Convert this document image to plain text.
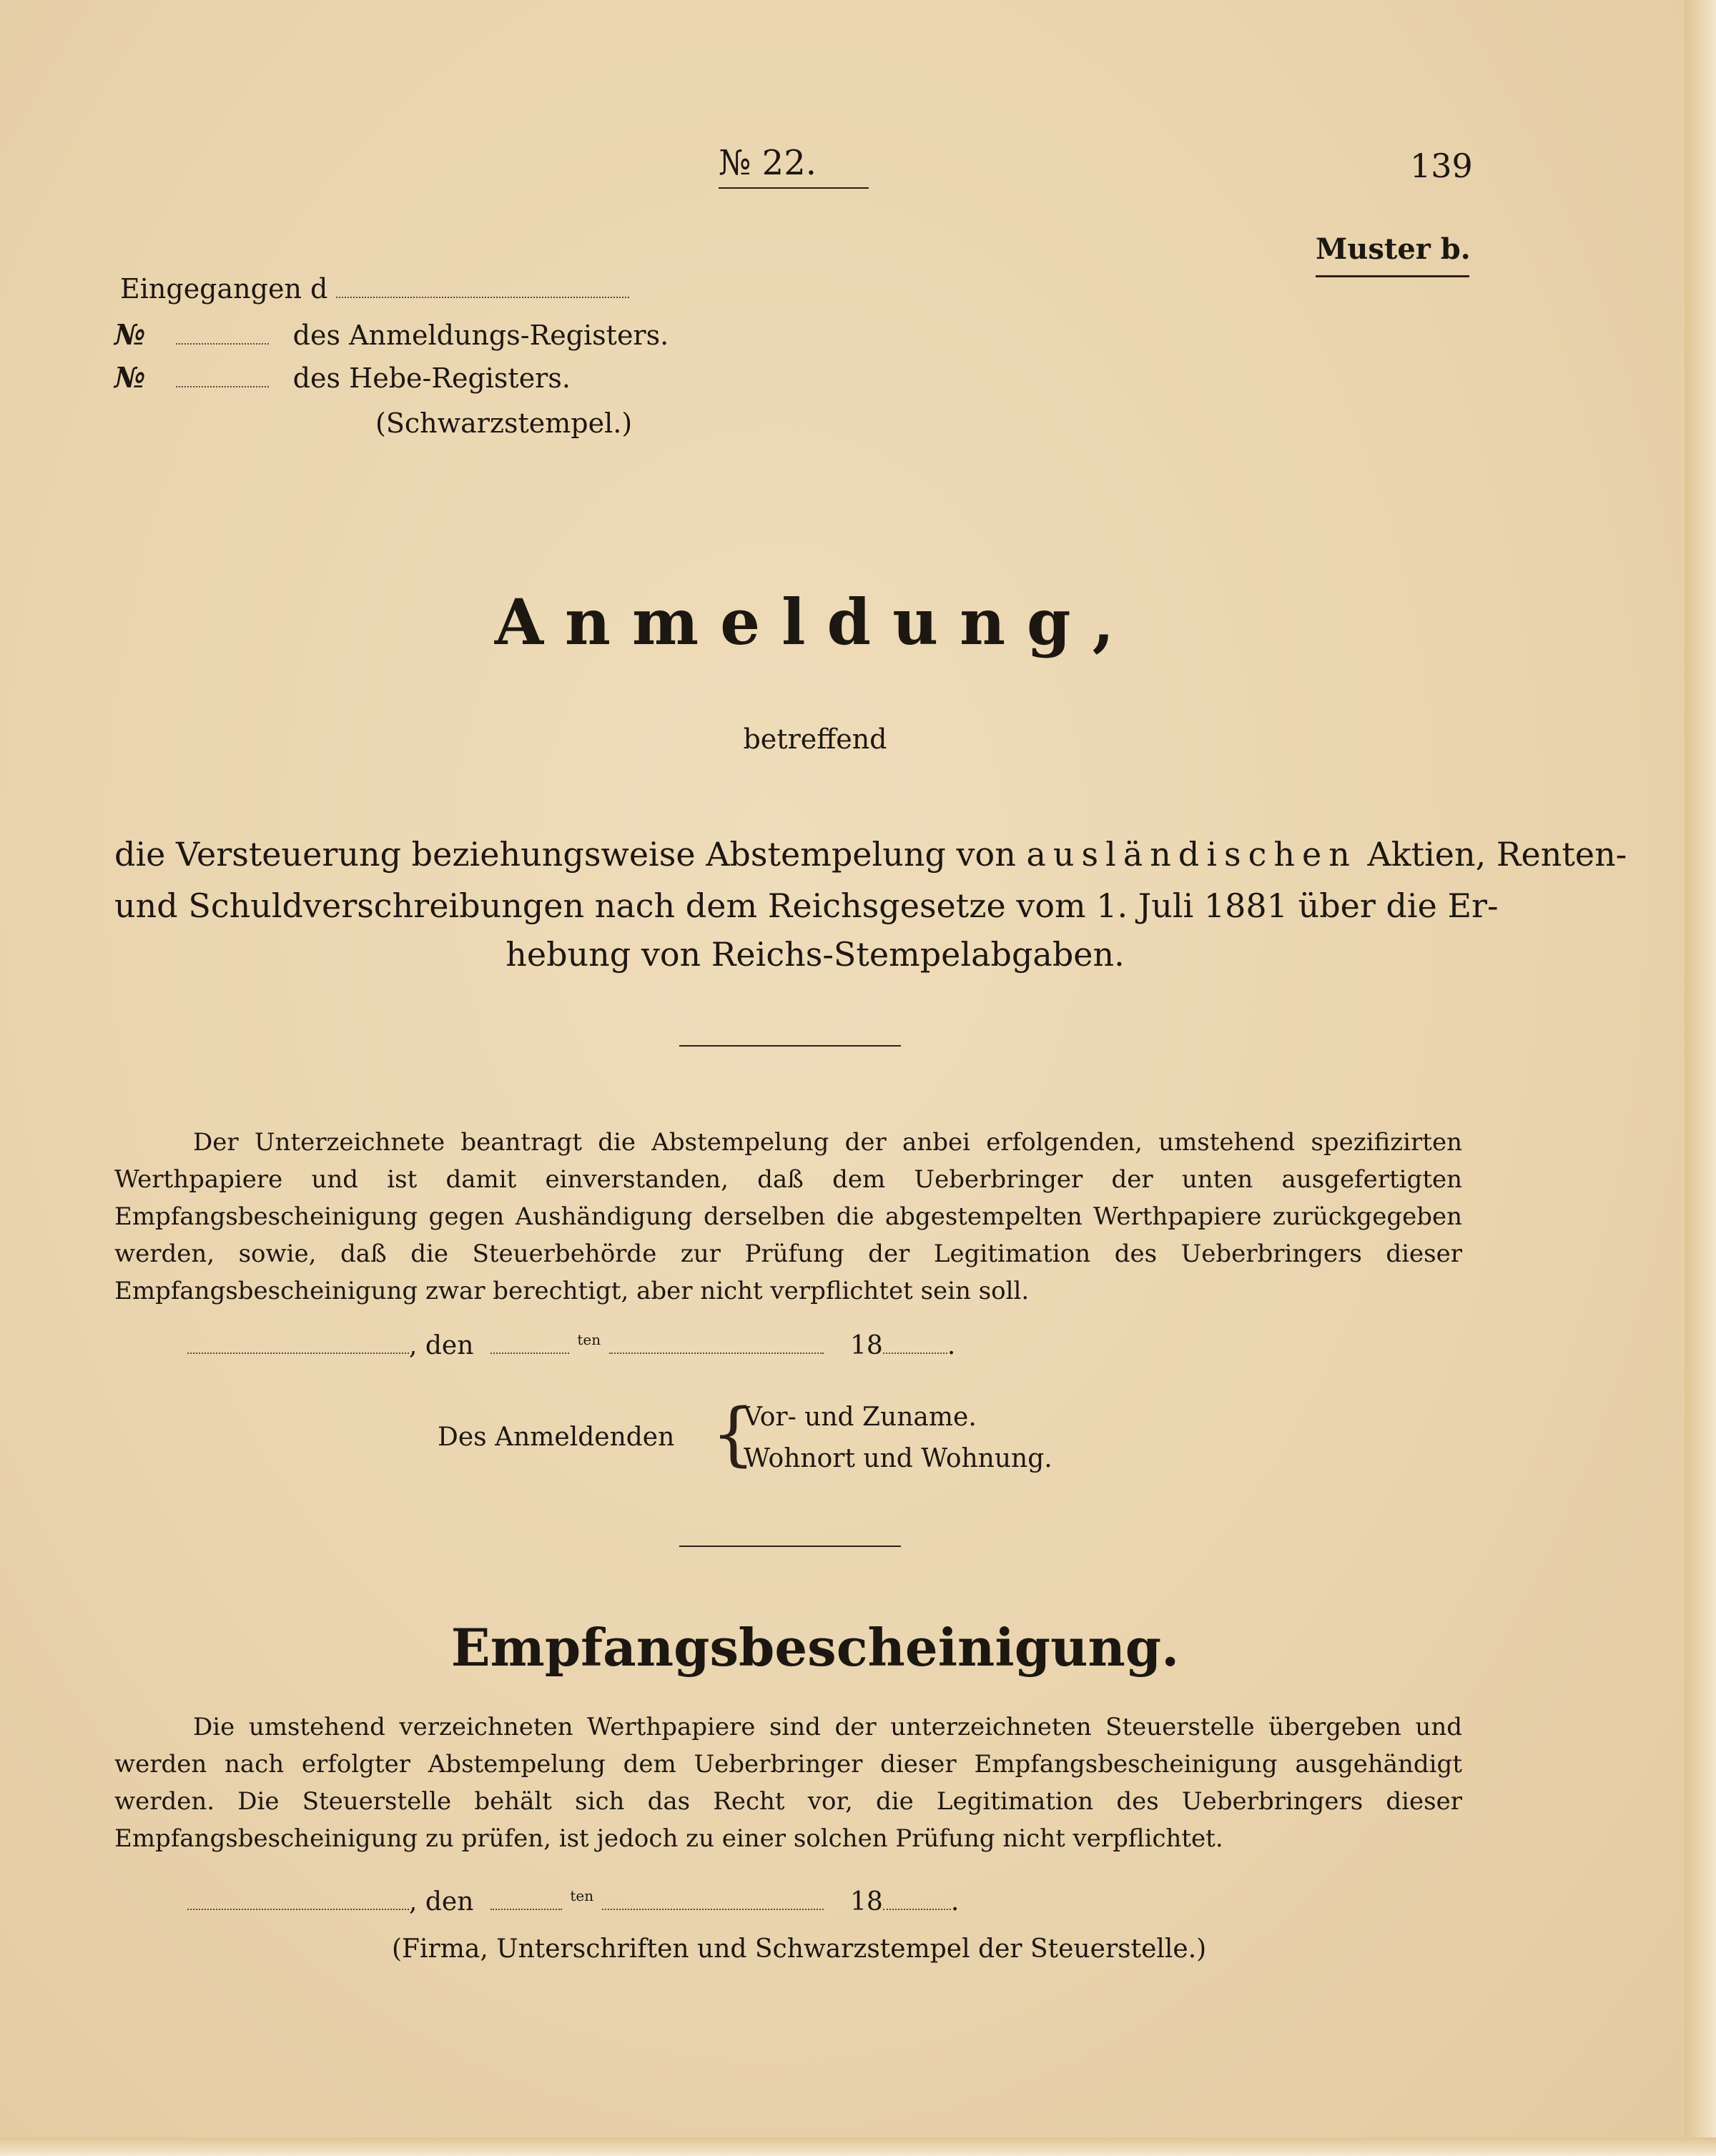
№ 22.	139
Muster b.
Eingegangen d
№	des Anmeldungs-Registers.
№	des Hebe-Registers.
(Schwarzstempel.)
Anmeldung,
betreffend
die Versteuerung beziehungsweise Abstempelung von ausländischen Aktien, Renten-
und Schuldverschreibungen nach dem Reichsgesetze vom 1. Juli 1881 über die Er-
hebung von Reichs-Stempelabgaben.

Der Unterzeichnete beantragt die Abstempelung der anbei erfolgenden, umstehend spezifizirten Werthpapiere und ist damit einverstanden, daß dem Ueberbringer der unten ausgefertigten Empfangsbescheinigung gegen Aushändigung derselben die abgestempelten Werthpapiere zurückgegeben werden, sowie, daß die Steuerbehörde zur Prüfung der Legitimation des Ueberbringers dieser Empfangsbescheinigung zwar berechtigt, aber nicht verpflichtet sein soll.

, den	$^{ten}$	18	.
Des Anmeldenden {
Vor- und Zuname.
Wohnort und Wohnung.
Empfangsbescheinigung.

Die umstehend verzeichneten Werthpapiere sind der unterzeichneten Steuerstelle übergeben und werden nach erfolgter Abstempelung dem Ueberbringer dieser Empfangsbescheinigung ausgehändigt werden. Die Steuerstelle behält sich das Recht vor, die Legitimation des Ueberbringers dieser Empfangsbescheinigung zu prüfen, ist jedoch zu einer solchen Prüfung nicht verpflichtet.

, den	$^{ten}$	18	.
(Firma, Unterschriften und Schwarzstempel der Steuerstelle.)
